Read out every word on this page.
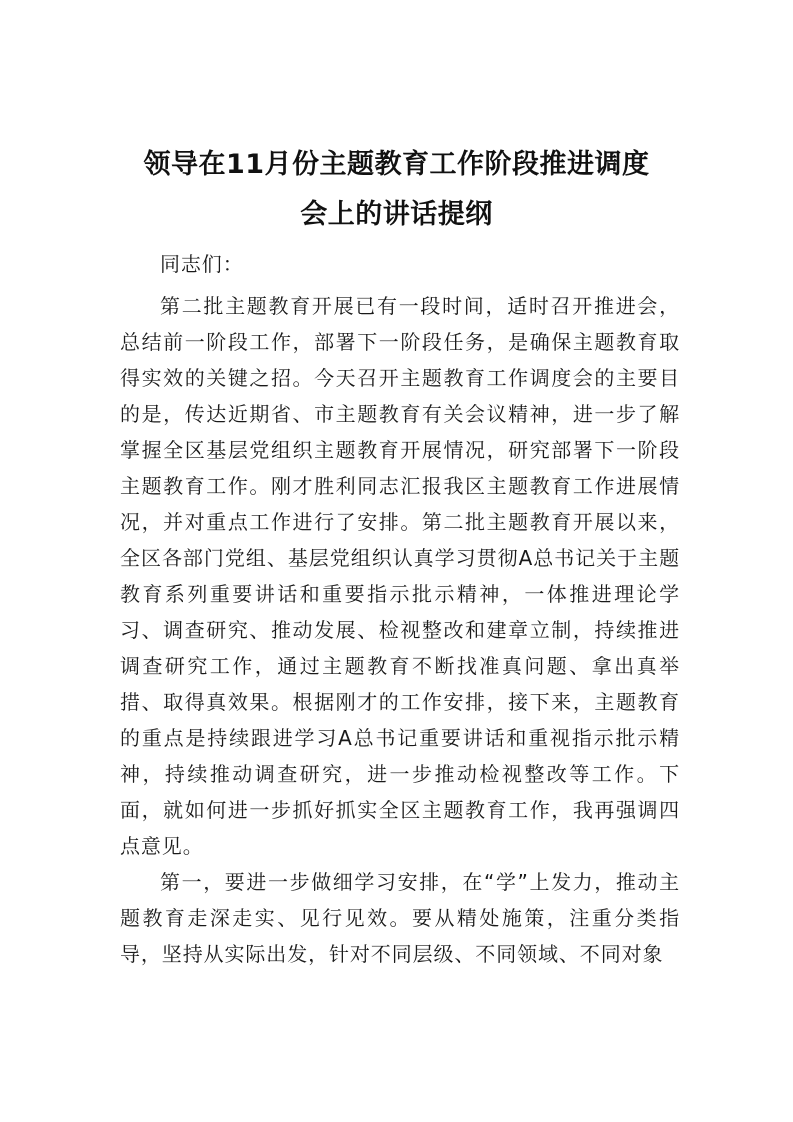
领导在11月份主题教育工作阶段推进调度
会上的讲话提纲

同志们：

第二批主题教育开展已有一段时间，适时召开推进会，总结前一阶段工作，部署下一阶段任务，是确保主题教育取得实效的关键之招。今天召开主题教育工作调度会的主要目的是，传达近期省、市主题教育有关会议精神，进一步了解掌握全区基层党组织主题教育开展情况，研究部署下一阶段主题教育工作。刚才胜利同志汇报我区主题教育工作进展情况，并对重点工作进行了安排。第二批主题教育开展以来，全区各部门党组、基层党组织认真学习贯彻A总书记关于主题教育系列重要讲话和重要指示批示精神，一体推进理论学习、调查研究、推动发展、检视整改和建章立制，持续推进调查研究工作，通过主题教育不断找准真问题、拿出真举措、取得真效果。根据刚才的工作安排，接下来，主题教育的重点是持续跟进学习A总书记重要讲话和重视指示批示精神，持续推动调查研究，进一步推动检视整改等工作。下面，就如何进一步抓好抓实全区主题教育工作，我再强调四点意见。

第一，要进一步做细学习安排，在“学”上发力，推动主题教育走深走实、见行见效。要从精处施策，注重分类指导，坚持从实际出发，针对不同层级、不同领域、不同对象
